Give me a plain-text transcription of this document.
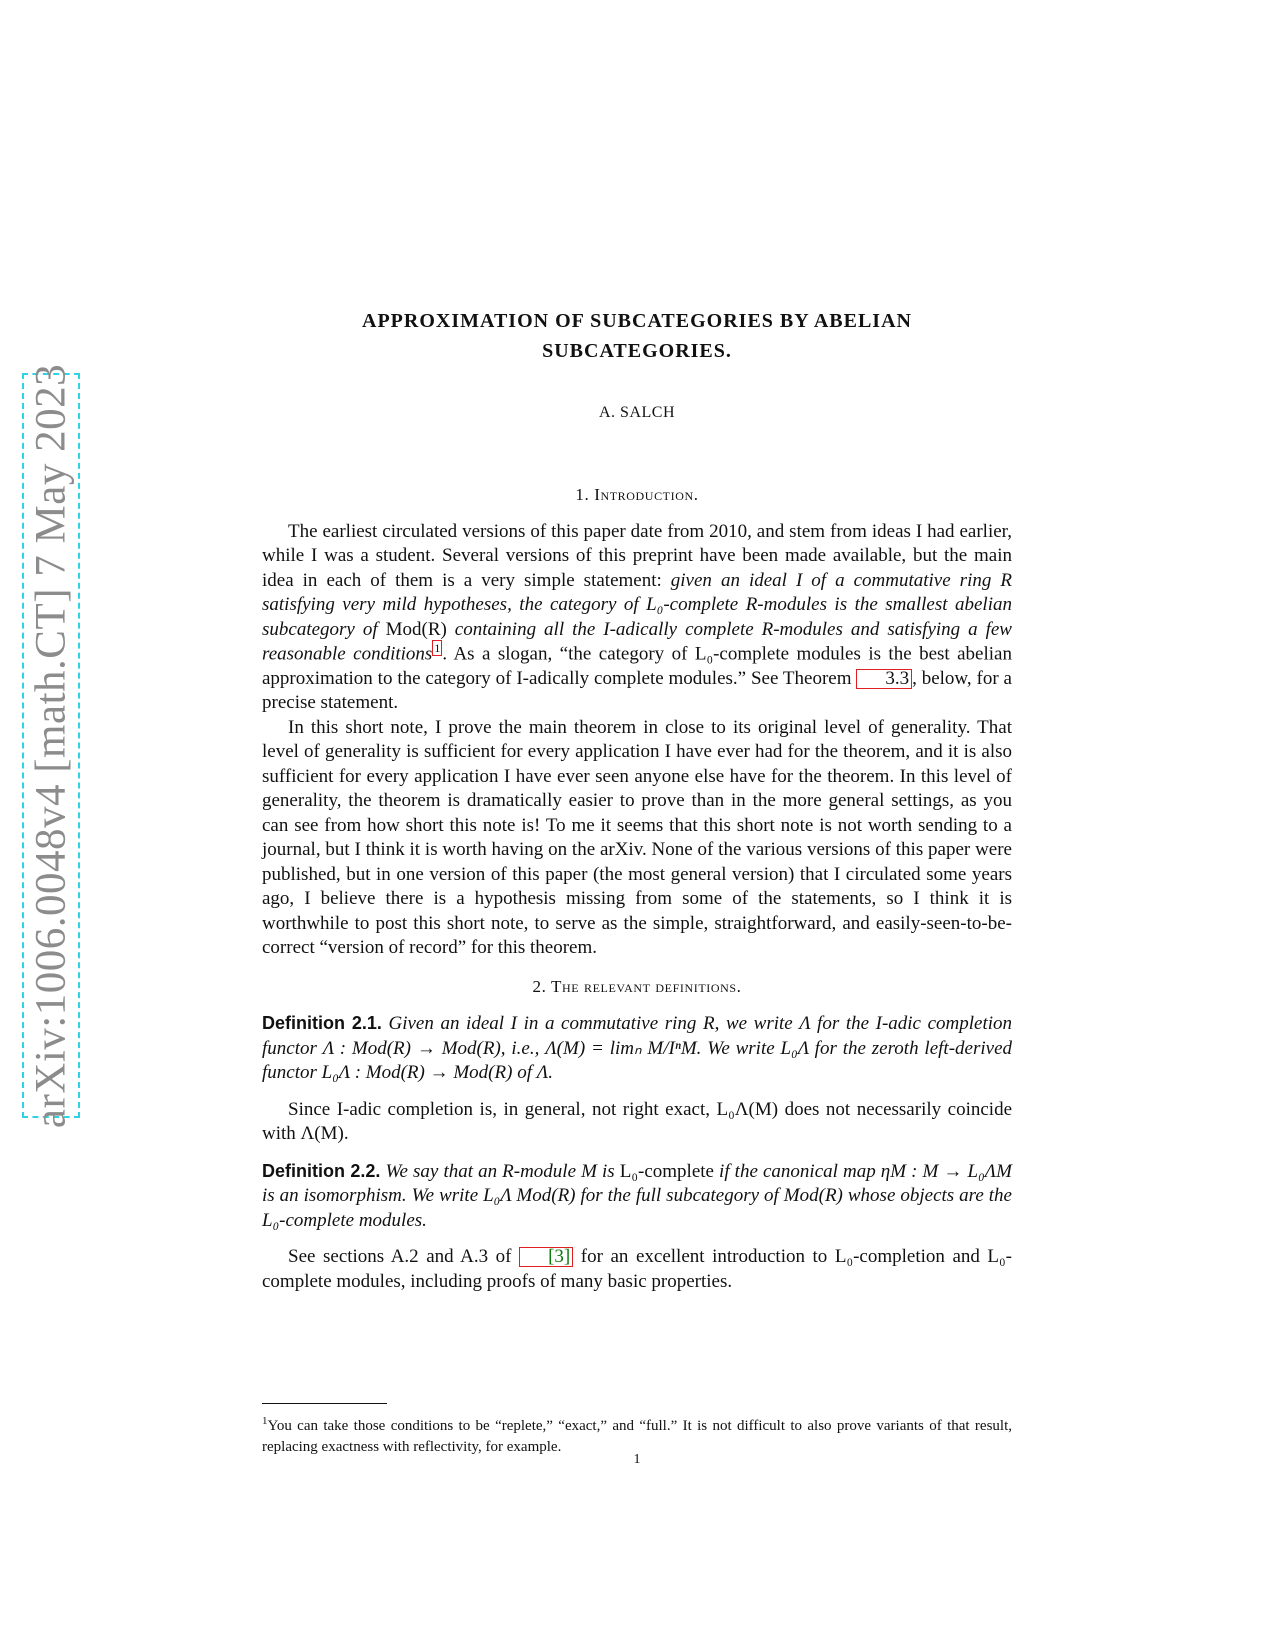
arXiv:1006.0048v4 [math.CT] 7 May 2023
APPROXIMATION OF SUBCATEGORIES BY ABELIAN
SUBCATEGORIES.
A. SALCH
1. Introduction.

The earliest circulated versions of this paper date from 2010, and stem from ideas I had earlier, while I was a student. Several versions of this preprint have been made available, but the main idea in each of them is a very simple statement: given an ideal I of a commutative ring R satisfying very mild hypotheses, the category of L₀-complete R-modules is the smallest abelian subcategory of Mod(R) containing all the I-adically complete R-modules and satisfying a few reasonable conditions $^1$ . As a slogan, “the category of L₀-complete modules is the best abelian approximation to the category of I-adically complete modules.” See Theorem 3.3 , below, for a precise statement.

In this short note, I prove the main theorem in close to its original level of generality. That level of generality is sufficient for every application I have ever had for the theorem, and it is also sufficient for every application I have ever seen anyone else have for the theorem. In this level of generality, the theorem is dramatically easier to prove than in the more general settings, as you can see from how short this note is! To me it seems that this short note is not worth sending to a journal, but I think it is worth having on the arXiv. None of the various versions of this paper were published, but in one version of this paper (the most general version) that I circulated some years ago, I believe there is a hypothesis missing from some of the statements, so I think it is worthwhile to post this short note, to serve as the simple, straightforward, and easily-seen-to-be-correct “version of record” for this theorem.

2. The relevant definitions.

Definition 2.1. Given an ideal I in a commutative ring R, we write Λ for the I-adic completion functor Λ : Mod(R) → Mod(R), i.e., Λ(M) = limₙ M/IⁿM. We write L₀Λ for the zeroth left-derived functor L₀Λ : Mod(R) → Mod(R) of Λ.

Since I-adic completion is, in general, not right exact, L₀Λ(M) does not necessarily coincide with Λ(M).

Definition 2.2. We say that an R-module M is L₀-complete if the canonical map ηM : M → L₀ΛM is an isomorphism. We write L₀Λ Mod(R) for the full subcategory of Mod(R) whose objects are the L₀-complete modules.

See sections A.2 and A.3 of [3] for an excellent introduction to L₀-completion and L₀-complete modules, including proofs of many basic properties.

$^1$You can take those conditions to be “replete,” “exact,” and “full.” It is not difficult to also prove variants of that result, replacing exactness with reflectivity, for example.
1
